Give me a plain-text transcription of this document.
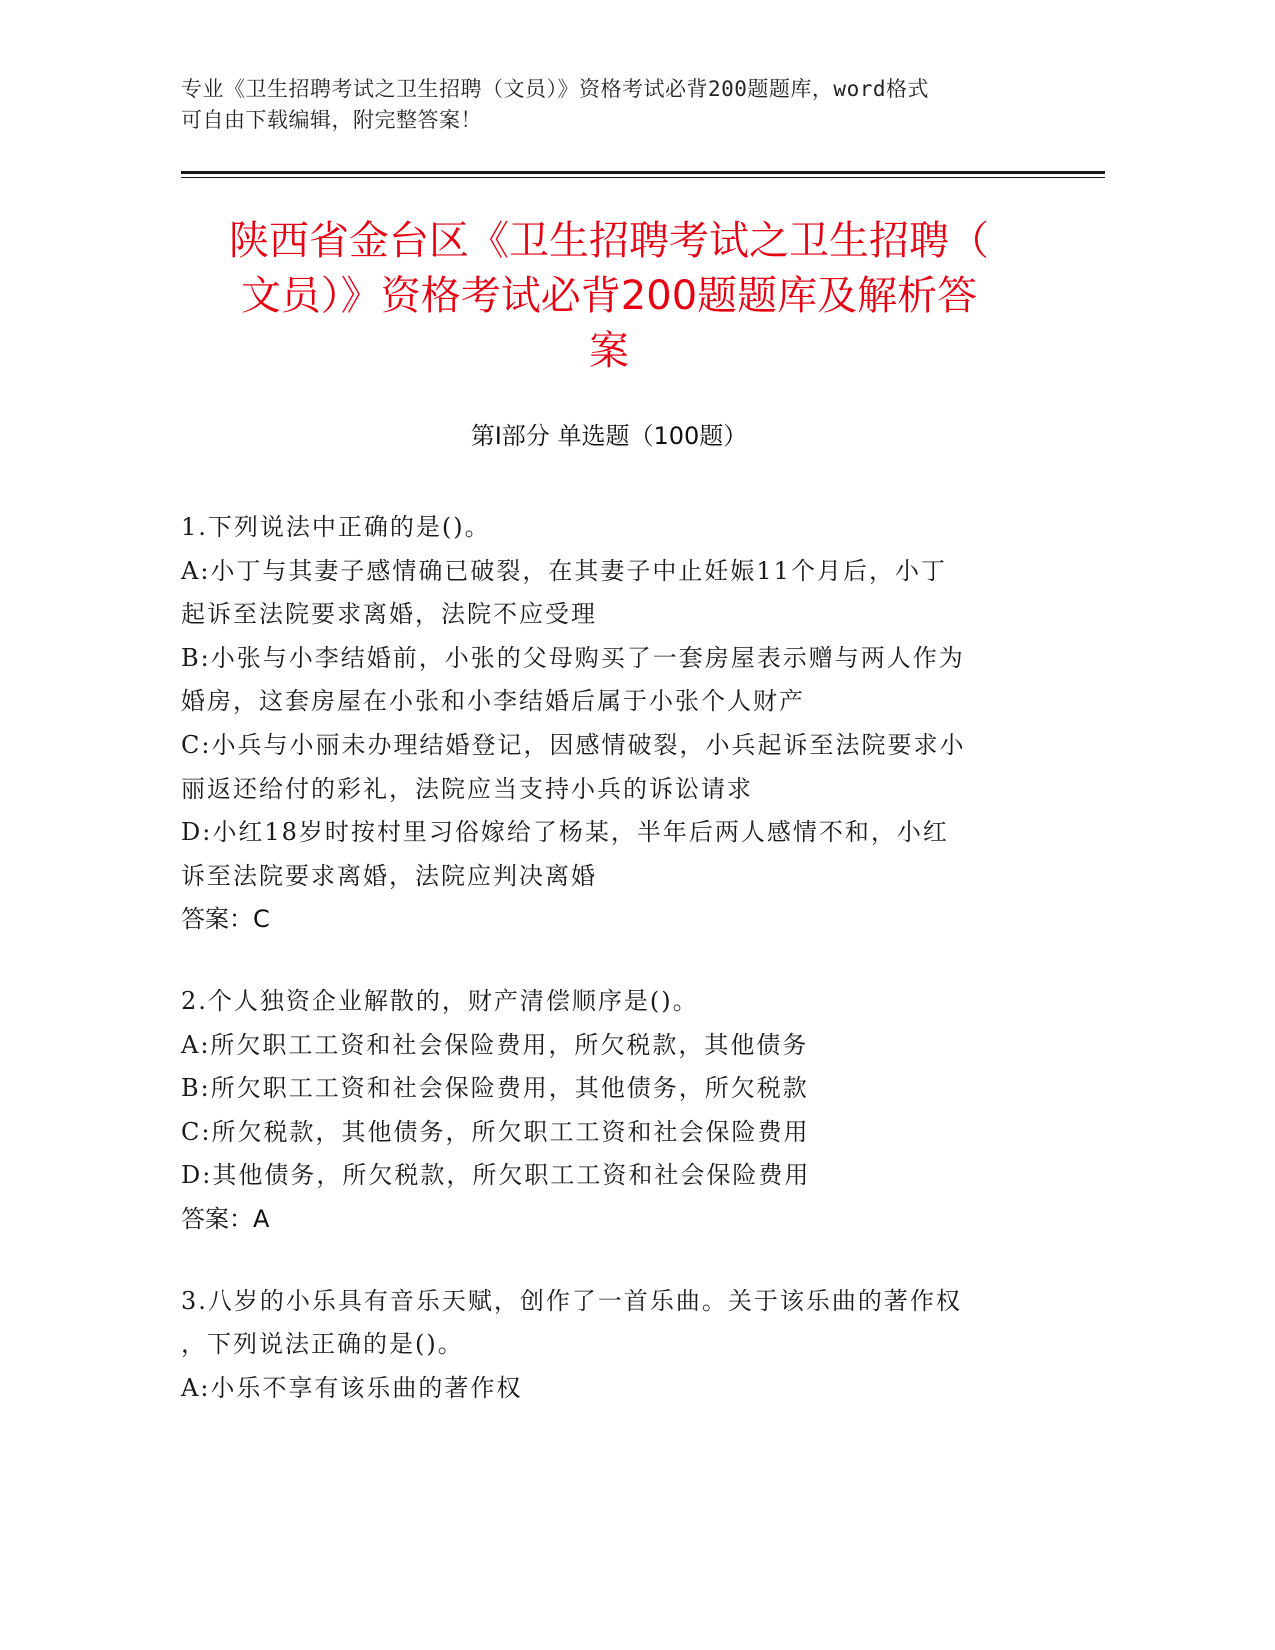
专业《卫生招聘考试之卫生招聘（文员）》资格考试必背200题题库，word格式
可自由下载编辑，附完整答案！
陕西省金台区《卫生招聘考试之卫生招聘（
文员）》资格考试必背200题题库及解析答
案
第Ⅰ部分 单选题（100题）

1.下列说法中正确的是()。

A:小丁与其妻子感情确已破裂，在其妻子中止妊娠11个月后，小丁

起诉至法院要求离婚，法院不应受理

B:小张与小李结婚前，小张的父母购买了一套房屋表示赠与两人作为

婚房，这套房屋在小张和小李结婚后属于小张个人财产

C:小兵与小丽未办理结婚登记，因感情破裂，小兵起诉至法院要求小

丽返还给付的彩礼，法院应当支持小兵的诉讼请求

D:小红18岁时按村里习俗嫁给了杨某，半年后两人感情不和，小红

诉至法院要求离婚，法院应判决离婚

答案：C

2.个人独资企业解散的，财产清偿顺序是()。

A:所欠职工工资和社会保险费用，所欠税款，其他债务

B:所欠职工工资和社会保险费用，其他债务，所欠税款

C:所欠税款，其他债务，所欠职工工资和社会保险费用

D:其他债务，所欠税款，所欠职工工资和社会保险费用

答案：A

3.八岁的小乐具有音乐天赋，创作了一首乐曲。关于该乐曲的著作权

，下列说法正确的是()。

A:小乐不享有该乐曲的著作权
